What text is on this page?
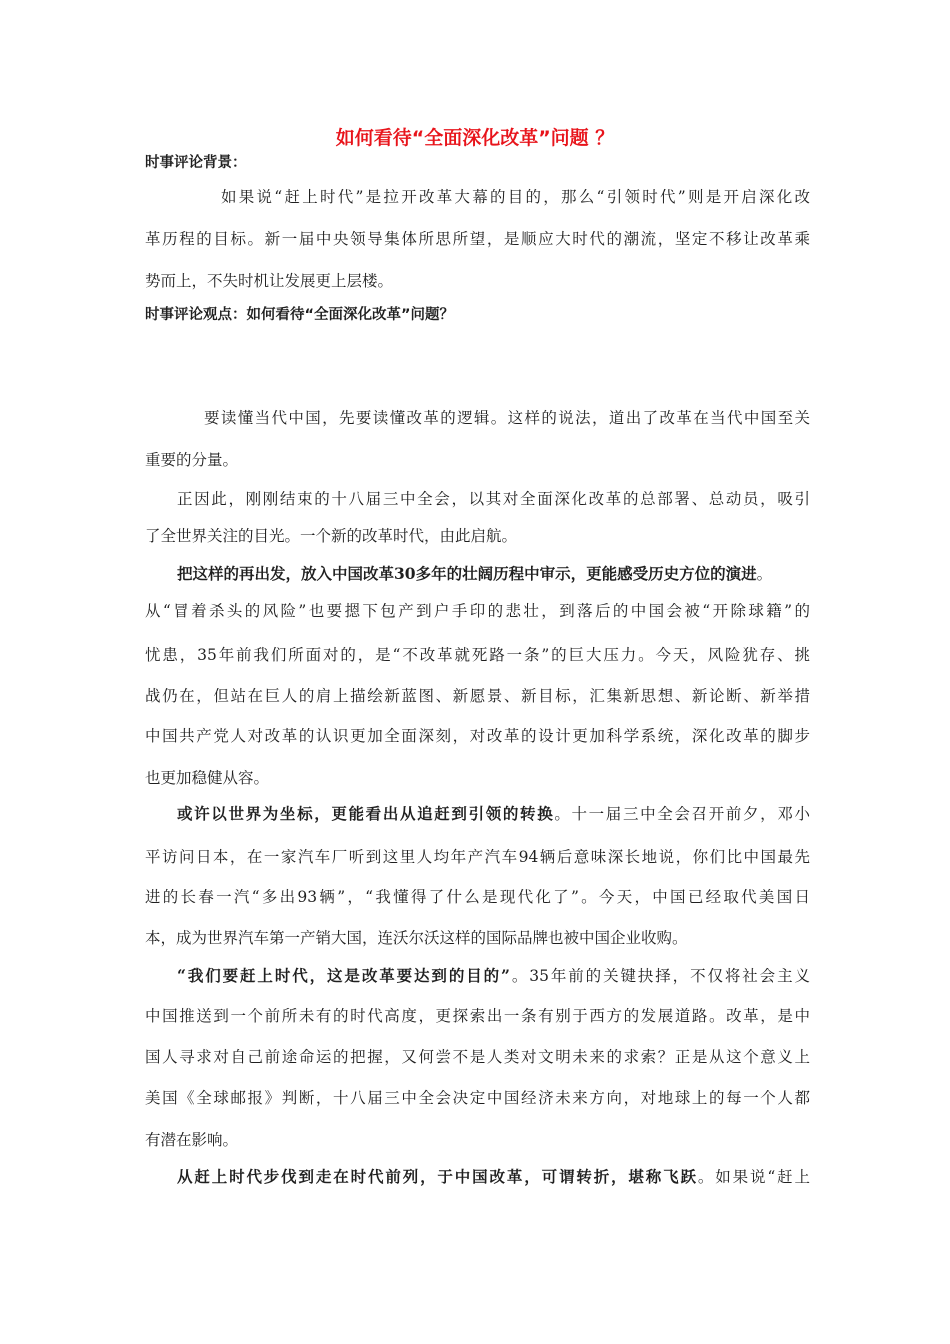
如何看待“全面深化改革”问题 ？
时事评论背景：
如果说“赶上时代”是拉开改革大幕的目的，那么“引领时代”则是开启深化改
革历程的目标。新一届中央领导集体所思所望，是顺应大时代的潮流，坚定不移让改革乘
势而上，不失时机让发展更上层楼。
时事评论观点：如何看待“全面深化改革”问题？
要读懂当代中国，先要读懂改革的逻辑。这样的说法，道出了改革在当代中国至关
重要的分量。
正因此，刚刚结束的十八届三中全会，以其对全面深化改革的总部署、总动员，吸引
了全世界关注的目光。一个新的改革时代，由此启航。
把这样的再出发，放入中国改革30多年的壮阔历程中审示，更能感受历史方位的演进。
从“冒着杀头的风险”也要摁下包产到户手印的悲壮，到落后的中国会被“开除球籍”的
忧患，35年前我们所面对的，是“不改革就死路一条”的巨大压力。今天，风险犹存、挑
战仍在，但站在巨人的肩上描绘新蓝图、新愿景、新目标，汇集新思想、新论断、新举措
中国共产党人对改革的认识更加全面深刻，对改革的设计更加科学系统，深化改革的脚步
也更加稳健从容。
或许以世界为坐标，更能看出从追赶到引领的转换。十一届三中全会召开前夕，邓小
平访问日本，在一家汽车厂听到这里人均年产汽车94辆后意味深长地说，你们比中国最先
进的长春一汽“多出93辆”，“我懂得了什么是现代化了”。今天，中国已经取代美国日
本，成为世界汽车第一产销大国，连沃尔沃这样的国际品牌也被中国企业收购。
“我们要赶上时代，这是改革要达到的目的”。35年前的关键抉择，不仅将社会主义
中国推送到一个前所未有的时代高度，更探索出一条有别于西方的发展道路。改革，是中
国人寻求对自己前途命运的把握，又何尝不是人类对文明未来的求索？正是从这个意义上
美国《全球邮报》判断，十八届三中全会决定中国经济未来方向，对地球上的每一个人都
有潜在影响。
从赶上时代步伐到走在时代前列，于中国改革，可谓转折，堪称飞跃。如果说“赶上
